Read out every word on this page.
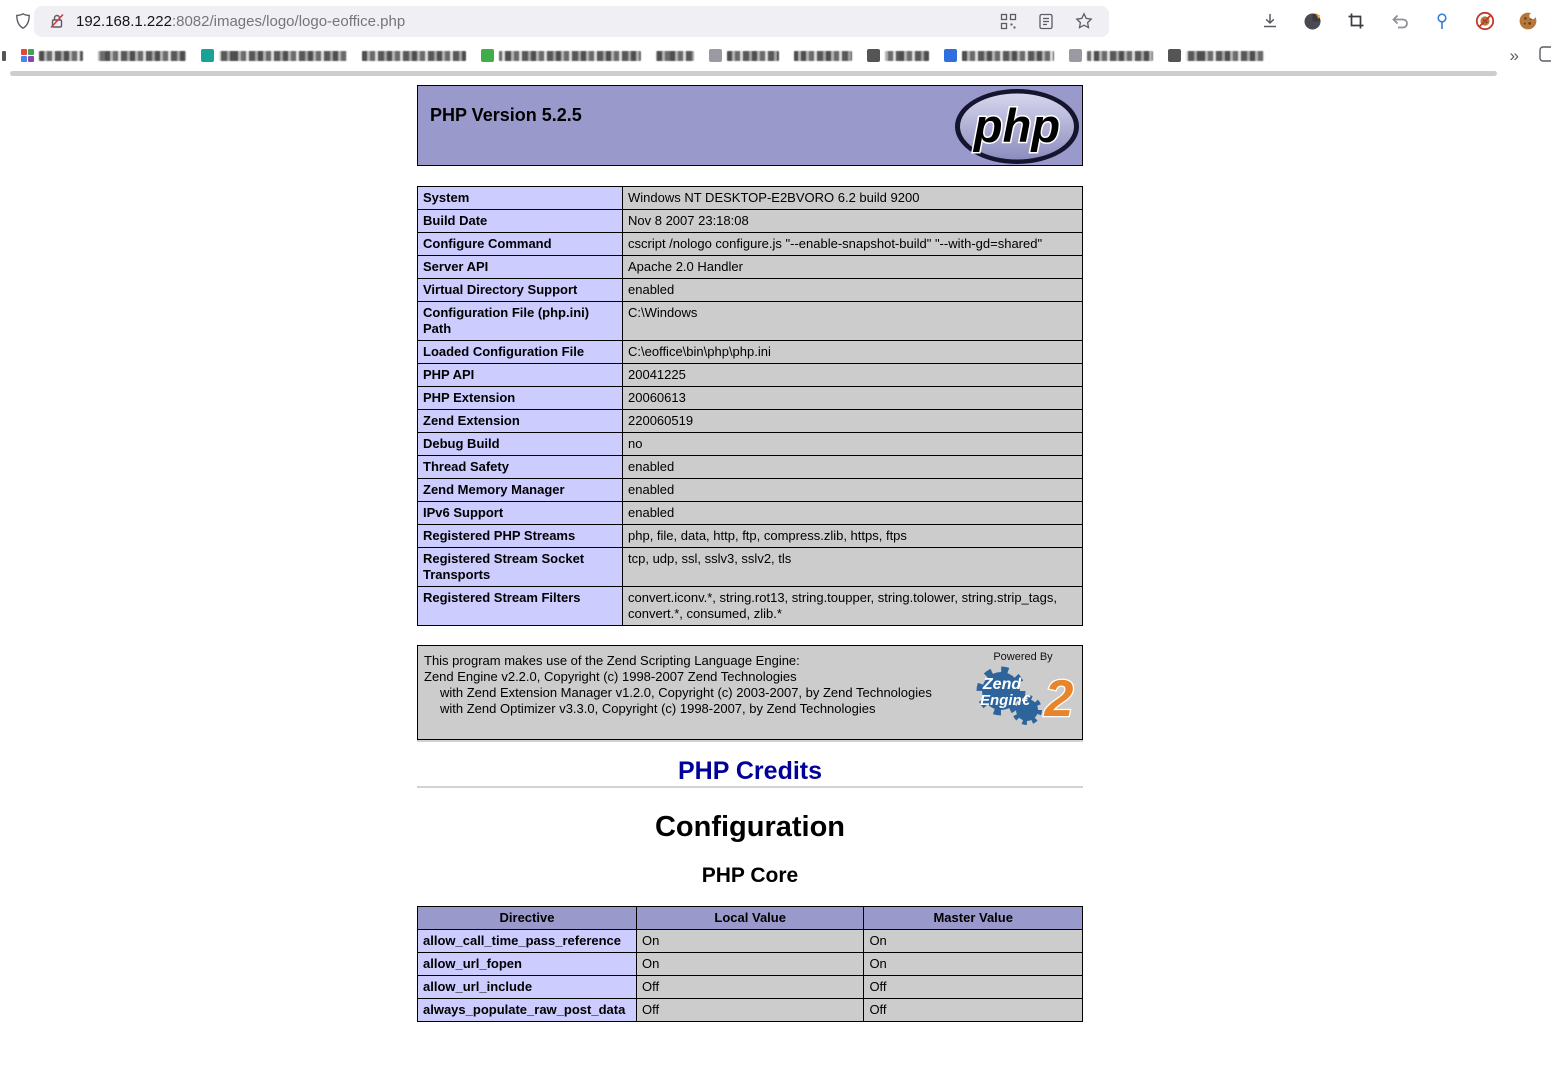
192.168.1.222:8082/images/logo/logo-eoffice.php
»
PHP Version 5.2.5	php
System	Windows NT DESKTOP-E2BVORO 6.2 build 9200
Build Date	Nov 8 2007 23:18:08
Configure Command	cscript /nologo configure.js "--enable-snapshot-build" "--with-gd=shared"
Server API	Apache 2.0 Handler
Virtual Directory Support	enabled
Configuration File (php.ini) Path	C:\Windows
Loaded Configuration File	C:\eoffice\bin\php\php.ini
PHP API	20041225
PHP Extension	20060613
Zend Extension	220060519
Debug Build	no
Thread Safety	enabled
Zend Memory Manager	enabled
IPv6 Support	enabled
Registered PHP Streams	php, file, data, http, ftp, compress.zlib, https, ftps
Registered Stream Socket Transports	tcp, udp, ssl, sslv3, sslv2, tls
Registered Stream Filters	convert.iconv.*, string.rot13, string.toupper, string.tolower, string.strip_tags, convert.*, consumed, zlib.*

This program makes use of the Zend Scripting Language Engine:

Zend Engine v2.2.0, Copyright (c) 1998-2007 Zend Technologies

with Zend Extension Manager v1.2.0, Copyright (c) 2003-2007, by Zend Technologies

with Zend Optimizer v3.3.0, Copyright (c) 1998-2007, by Zend Technologies

Powered By
2
Zend
Engin€
PHP Credits
Configuration
PHP Core
Directive	Local Value	Master Value
allow_call_time_pass_reference	On	On
allow_url_fopen	On	On
allow_url_include	Off	Off
always_populate_raw_post_data	Off	Off
